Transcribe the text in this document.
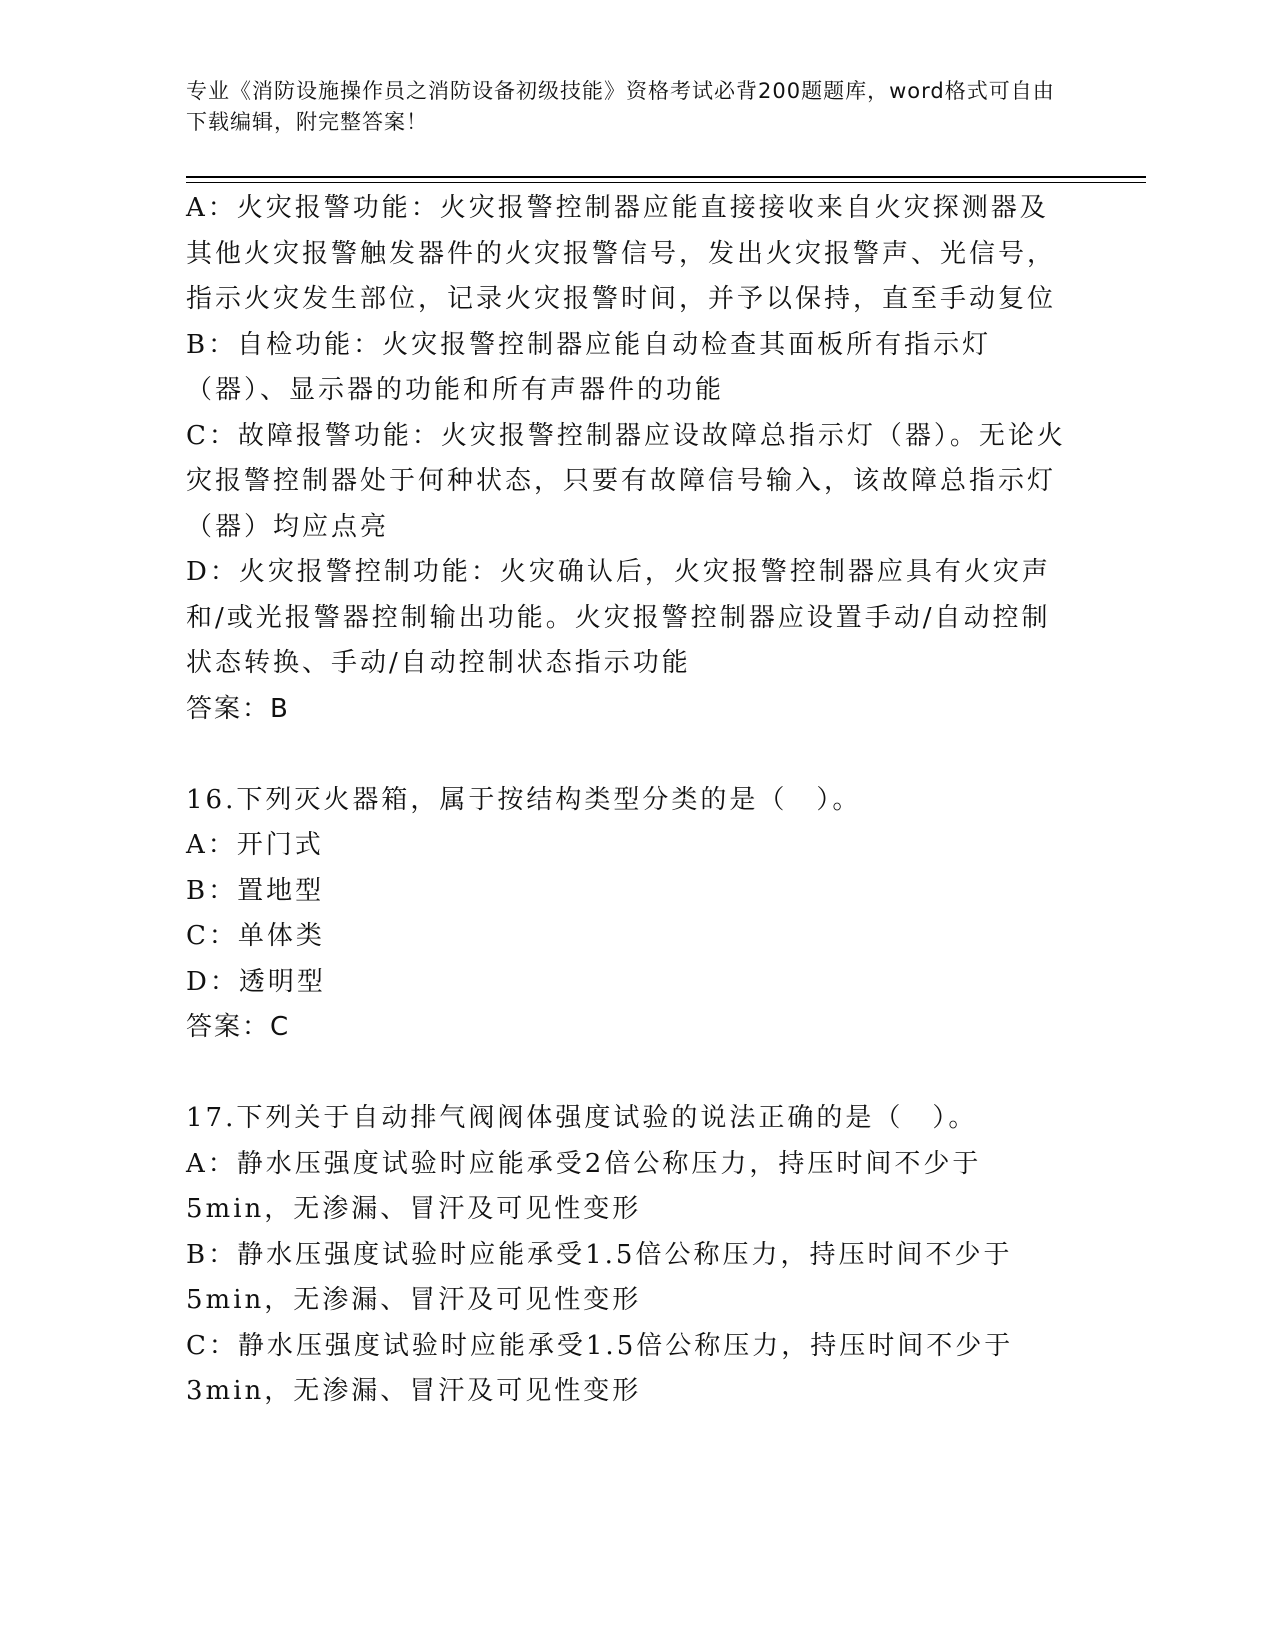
专业《消防设施操作员之消防设备初级技能》资格考试必背200题题库，word格式可自由下载编辑，附完整答案！

A：火灾报警功能：火灾报警控制器应能直接接收来自火灾探测器及其他火灾报警触发器件的火灾报警信号，发出火灾报警声、光信号，指示火灾发生部位，记录火灾报警时间，并予以保持，直至手动复位

B：自检功能：火灾报警控制器应能自动检查其面板所有指示灯（器）、显示器的功能和所有声器件的功能

C：故障报警功能：火灾报警控制器应设故障总指示灯（器）。无论火灾报警控制器处于何种状态，只要有故障信号输入，该故障总指示灯（器）均应点亮

D：火灾报警控制功能：火灾确认后，火灾报警控制器应具有火灾声和/或光报警器控制输出功能。火灾报警控制器应设置手动/自动控制状态转换、手动/自动控制状态指示功能

答案：B

16.下列灭火器箱，属于按结构类型分类的是（　）。

A：开门式

B：置地型

C：单体类

D：透明型

答案：C

17.下列关于自动排气阀阀体强度试验的说法正确的是（　）。

A：静水压强度试验时应能承受2倍公称压力，持压时间不少于5min，无渗漏、冒汗及可见性变形

B：静水压强度试验时应能承受1.5倍公称压力，持压时间不少于5min，无渗漏、冒汗及可见性变形

C：静水压强度试验时应能承受1.5倍公称压力，持压时间不少于3min，无渗漏、冒汗及可见性变形
